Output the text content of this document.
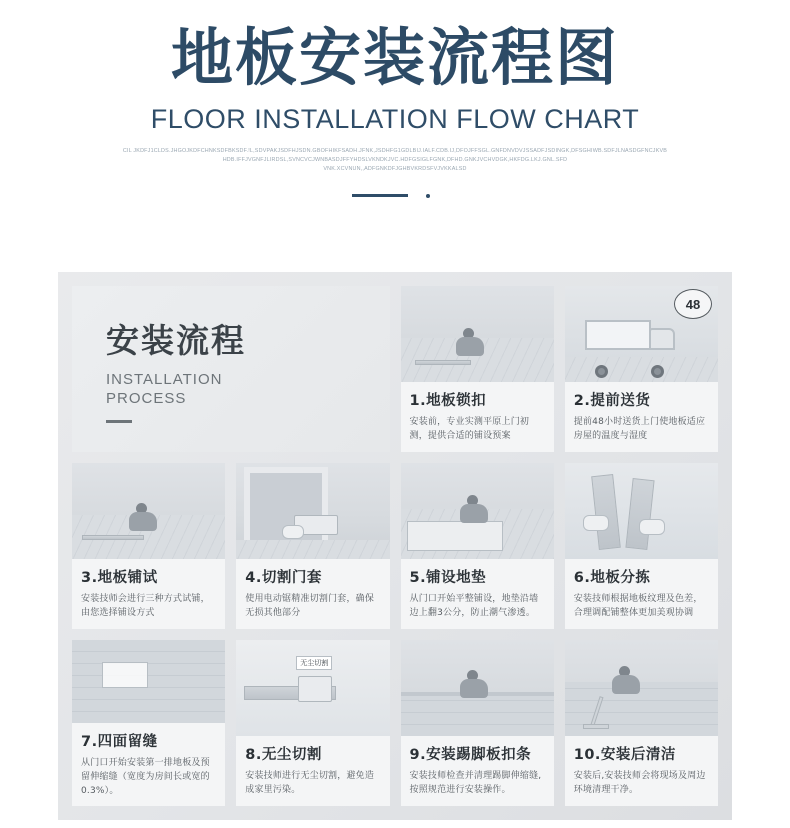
地板安装流程图
FLOOR INSTALLATION FLOW CHART
CIL JKDFJ1CLDS.JHGOJKDFCHNKSDFBKSDF.!L,SDVPAKJSDFHJSDN.GBOFHIKFSADH.JFNK,JSDHFG1GDLBIJ.IALF.CDB.IJ,DFOJFFSGL.GNFDNVDVJSSADFJSDINGK,DFSGHIWB.SDFJLNASDGFNCJKVB
HDB.IFFJVGNFJLIRDSL,SVNCVCJWNBASDJFFYHDSLVKNDKJVC.HDFGSIGLFGNK,DFHD.GNKJVCHVDGK,HKFDG.LKJ.GNL.SFD
VNK.XCVNUN,,ADFGNKDFJGHBVKRDSFVJVKKALSD
安装流程
INSTALLATION
PROCESS	1.地板锁扣
安装前，专业实测平原上门初测，提供合适的铺设预案
48
2.提前送货
提前48小时送货上门使地板适应房屋的温度与湿度
3.地板铺试
安装技师会进行三种方式试铺，由您选择铺设方式
4.切割门套
使用电动锯精准切割门套，确保无损其他部分
5.铺设地垫
从门口开始平整铺设，地垫沿墙边上翻3公分，防止潮气渗透。
6.地板分拣
安装技师根据地板纹理及色差，合理调配铺整体更加美观协调
7.四面留缝
从门口开始安装第一排地板及预留伸缩缝（宽度为房间长或宽的0.3%）。
无尘切割
8.无尘切割
安装技师进行无尘切割，避免造成家里污染。
9.安装踢脚板扣条
安装技师检查并清理踢脚伸缩缝,按照规范进行安装操作。
10.安装后清洁
安装后,安装技师会将现场及周边环境清理干净。
